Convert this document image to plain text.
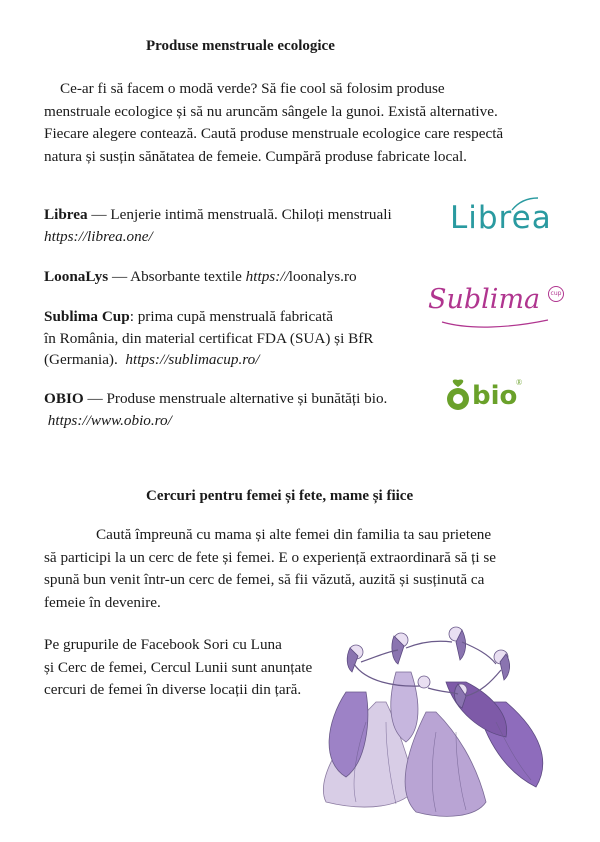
Produse menstruale ecologice
Ce-ar fi să facem o modă verde? Să fie cool să folosim produse
menstruale ecologice și să nu aruncăm sângele la gunoi. Există alternative.
Fiecare alegere contează. Caută produse menstruale ecologice care respectă
natura și susțin sănătatea de femeie. Cumpără produse fabricate local.
Librea — Lenjerie intimă menstruală. Chiloți menstruali
https://librea.one/	Librea
LoonaLys — Absorbante textile https://loonalys.ro
Sublima Cup: prima cupă menstruală fabricată
în România, din material certificat FDA (SUA) și BfR
(Germania).  https://sublimacup.ro/
Sublima	cup
OBIO — Produse menstruale alternative și bunătăți bio.
https://www.obio.ro/
bio
®
Cercuri pentru femei și fete, mame și fiice
Caută împreună cu mama și alte femei din familia ta sau prietene
să participi la un cerc de fete și femei. E o experiență extraordinară să ți se
spună bun venit într-un cerc de femei, să fii văzută, auzită și susținută ca
femeie în devenire.
Pe grupurile de Facebook Sori cu Luna
și Cerc de femei, Cercul Lunii sunt anunțate
cercuri de femei în diverse locații din țară.
